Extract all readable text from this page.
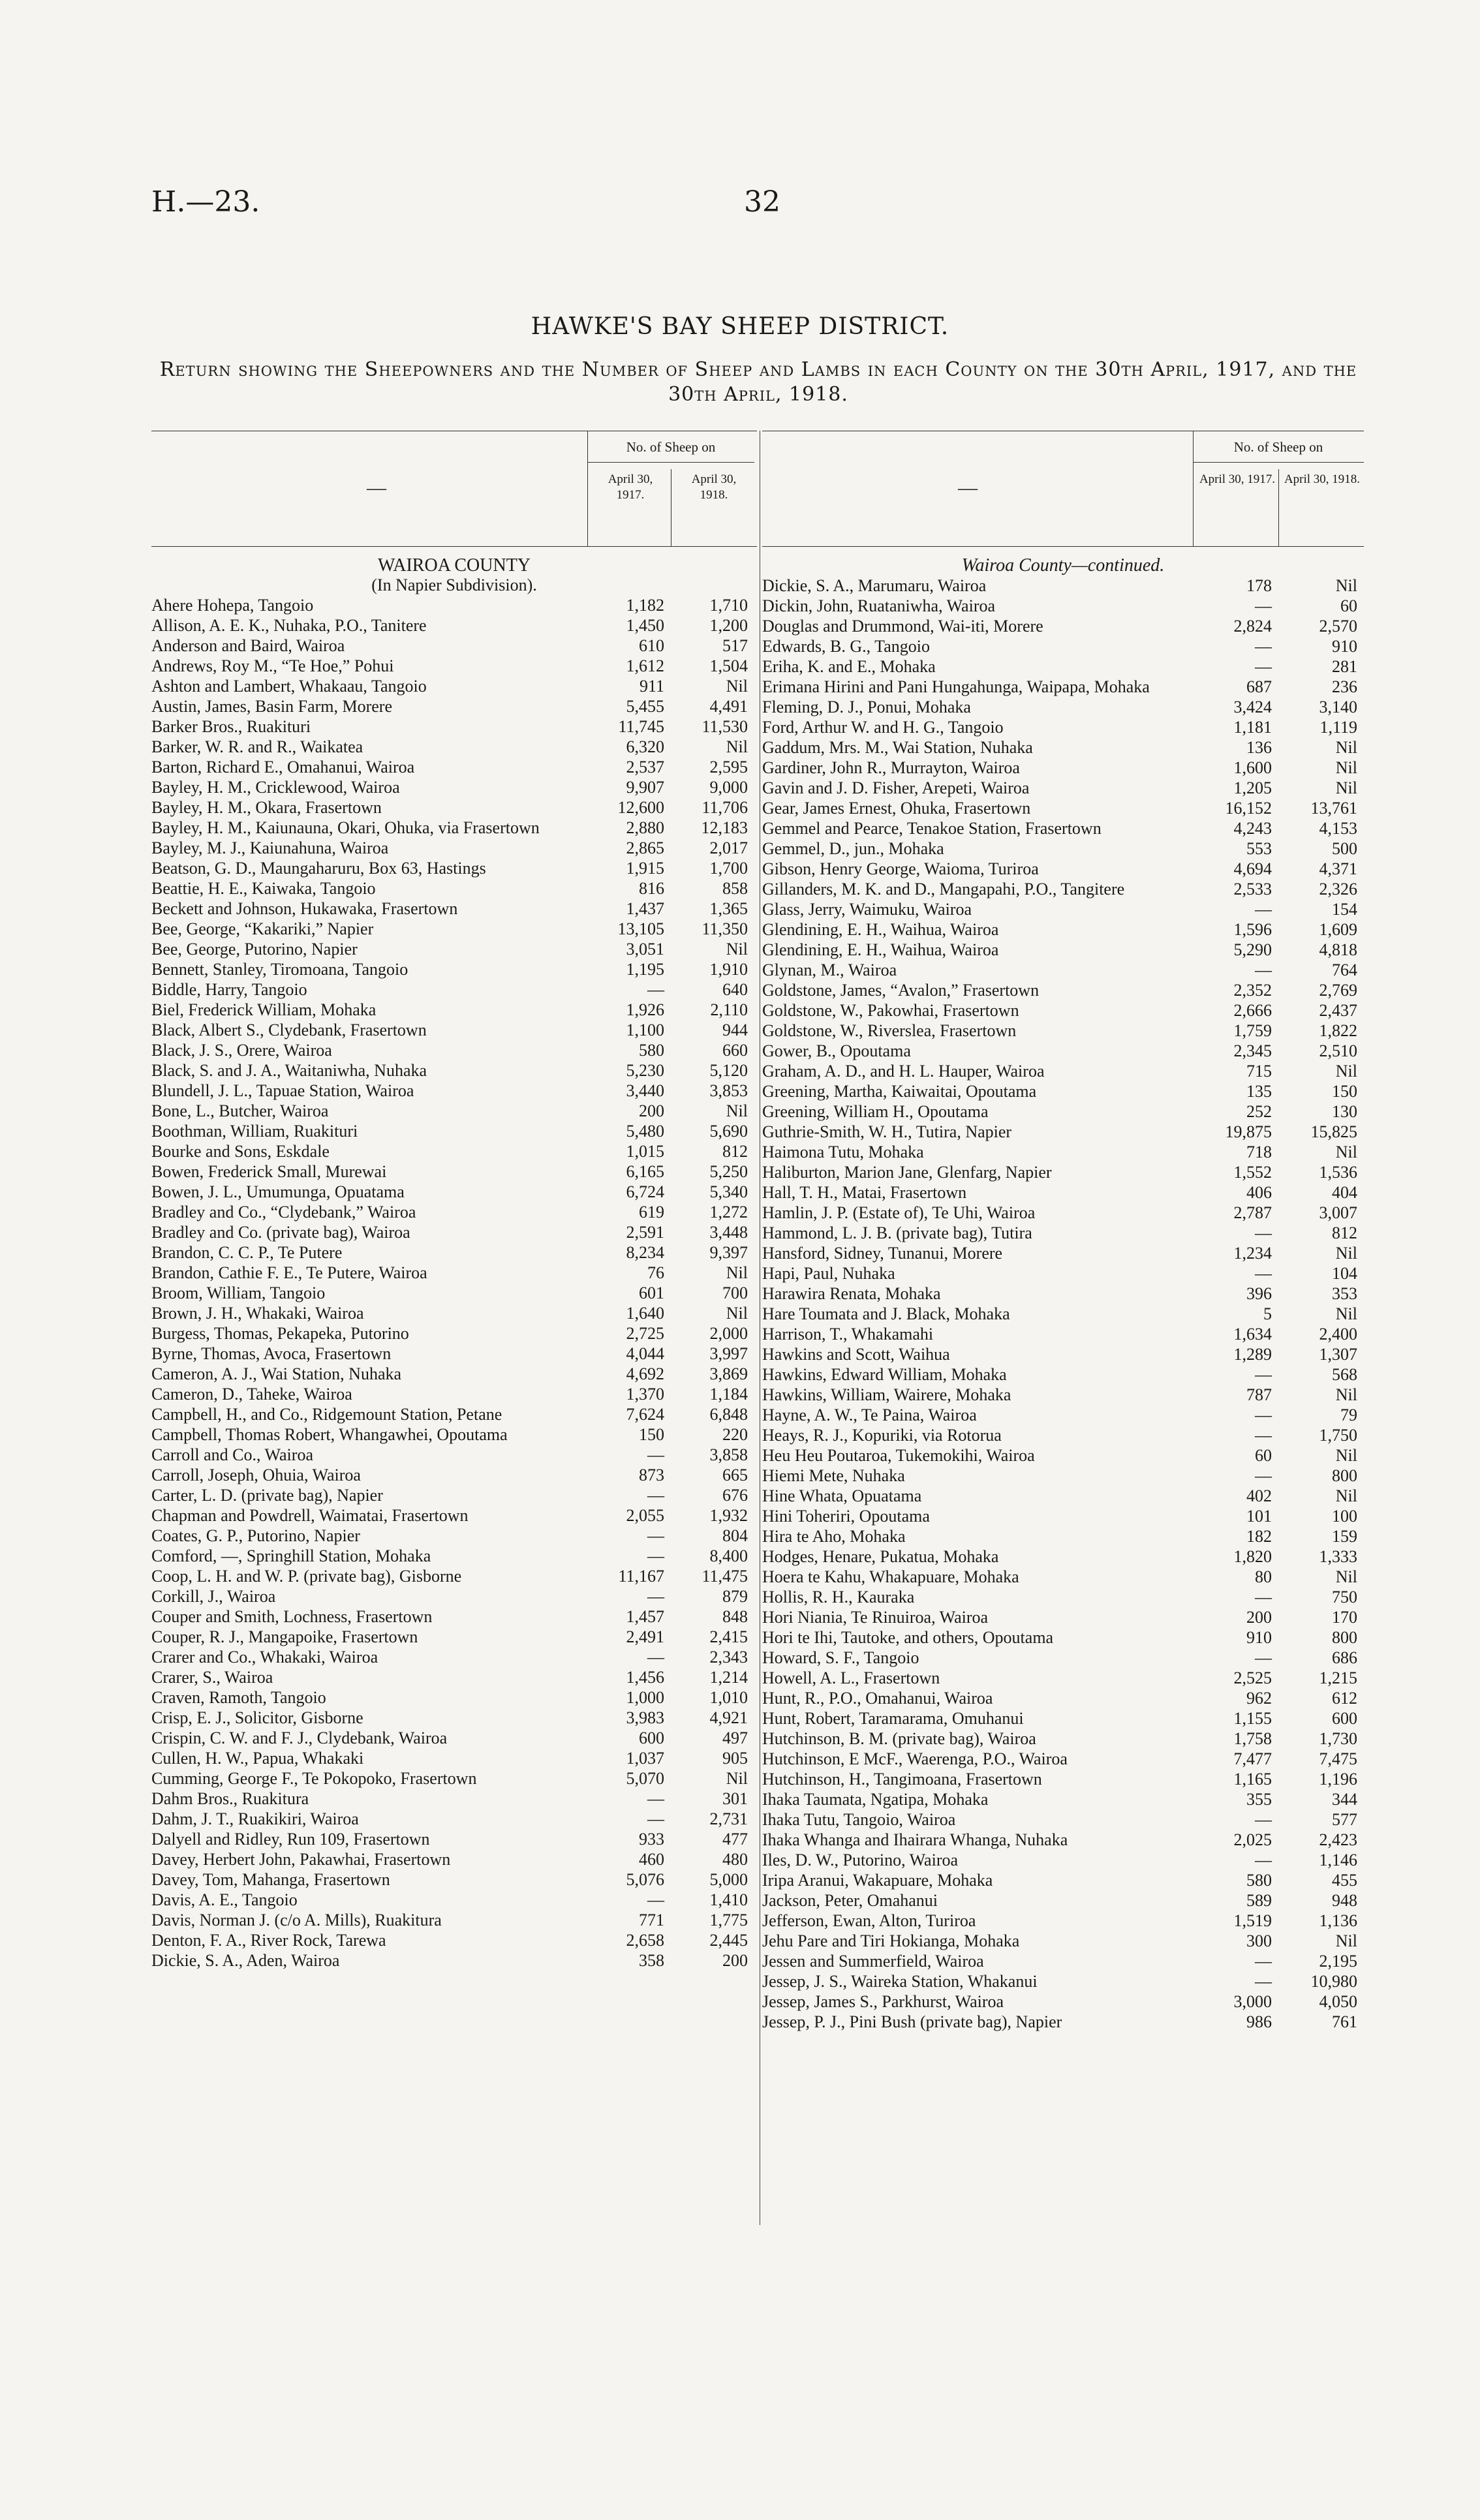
H.—23.	32
HAWKE'S BAY SHEEP DISTRICT.
Return showing the Sheepowners and the Number of Sheep and Lambs in each County on the 30th April, 1917, and the 30th April, 1918.
—
No. of Sheep on
April 30, 1917.
April 30, 1918.
WAIROA COUNTY
(In Napier Subdivision).
Ahere Hohepa, Tangoio	1,182	1,710
Allison, A. E. K., Nuhaka, P.O., Tanitere	1,450	1,200
Anderson and Baird, Wairoa	610	517
Andrews, Roy M., “Te Hoe,” Pohui	1,612	1,504
Ashton and Lambert, Whakaau, Tangoio	911	Nil
Austin, James, Basin Farm, Morere	5,455	4,491
Barker Bros., Ruakituri	11,745	11,530
Barker, W. R. and R., Waikatea	6,320	Nil
Barton, Richard E., Omahanui, Wairoa	2,537	2,595
Bayley, H. M., Cricklewood, Wairoa	9,907	9,000
Bayley, H. M., Okara, Frasertown	12,600	11,706
Bayley, H. M., Kaiunauna, Okari, Ohuka, via Frasertown	2,880	12,183
Bayley, M. J., Kaiunahuna, Wairoa	2,865	2,017
Beatson, G. D., Maungaharuru, Box 63, Hastings	1,915	1,700
Beattie, H. E., Kaiwaka, Tangoio	816	858
Beckett and Johnson, Hukawaka, Frasertown	1,437	1,365
Bee, George, “Kakariki,” Napier	13,105	11,350
Bee, George, Putorino, Napier	3,051	Nil
Bennett, Stanley, Tiromoana, Tangoio	1,195	1,910
Biddle, Harry, Tangoio	—	640
Biel, Frederick William, Mohaka	1,926	2,110
Black, Albert S., Clydebank, Frasertown	1,100	944
Black, J. S., Orere, Wairoa	580	660
Black, S. and J. A., Waitaniwha, Nuhaka	5,230	5,120
Blundell, J. L., Tapuae Station, Wairoa	3,440	3,853
Bone, L., Butcher, Wairoa	200	Nil
Boothman, William, Ruakituri	5,480	5,690
Bourke and Sons, Eskdale	1,015	812
Bowen, Frederick Small, Murewai	6,165	5,250
Bowen, J. L., Umumunga, Opuatama	6,724	5,340
Bradley and Co., “Clydebank,” Wairoa	619	1,272
Bradley and Co. (private bag), Wairoa	2,591	3,448
Brandon, C. C. P., Te Putere	8,234	9,397
Brandon, Cathie F. E., Te Putere, Wairoa	76	Nil
Broom, William, Tangoio	601	700
Brown, J. H., Whakaki, Wairoa	1,640	Nil
Burgess, Thomas, Pekapeka, Putorino	2,725	2,000
Byrne, Thomas, Avoca, Frasertown	4,044	3,997
Cameron, A. J., Wai Station, Nuhaka	4,692	3,869
Cameron, D., Taheke, Wairoa	1,370	1,184
Campbell, H., and Co., Ridgemount Station, Petane	7,624	6,848
Campbell, Thomas Robert, Whangawhei, Opoutama	150	220
Carroll and Co., Wairoa	—	3,858
Carroll, Joseph, Ohuia, Wairoa	873	665
Carter, L. D. (private bag), Napier	—	676
Chapman and Powdrell, Waimatai, Frasertown	2,055	1,932
Coates, G. P., Putorino, Napier	—	804
Comford, —, Springhill Station, Mohaka	—	8,400
Coop, L. H. and W. P. (private bag), Gisborne	11,167	11,475
Corkill, J., Wairoa	—	879
Couper and Smith, Lochness, Frasertown	1,457	848
Couper, R. J., Mangapoike, Frasertown	2,491	2,415
Crarer and Co., Whakaki, Wairoa	—	2,343
Crarer, S., Wairoa	1,456	1,214
Craven, Ramoth, Tangoio	1,000	1,010
Crisp, E. J., Solicitor, Gisborne	3,983	4,921
Crispin, C. W. and F. J., Clydebank, Wairoa	600	497
Cullen, H. W., Papua, Whakaki	1,037	905
Cumming, George F., Te Pokopoko, Frasertown	5,070	Nil
Dahm Bros., Ruakitura	—	301
Dahm, J. T., Ruakikiri, Wairoa	—	2,731
Dalyell and Ridley, Run 109, Frasertown	933	477
Davey, Herbert John, Pakawhai, Frasertown	460	480
Davey, Tom, Mahanga, Frasertown	5,076	5,000
Davis, A. E., Tangoio	—	1,410
Davis, Norman J. (c/o A. Mills), Ruakitura	771	1,775
Denton, F. A., River Rock, Tarewa	2,658	2,445
Dickie, S. A., Aden, Wairoa	358	200
—
No. of Sheep on
April 30, 1917. April 30, 1918.
Wairoa County—continued.
Dickie, S. A., Marumaru, Wairoa	178	Nil
Dickin, John, Ruataniwha, Wairoa	—	60
Douglas and Drummond, Wai-iti, Morere	2,824	2,570
Edwards, B. G., Tangoio	—	910
Eriha, K. and E., Mohaka	—	281
Erimana Hirini and Pani Hungahunga, Waipapa, Mohaka	687	236
Fleming, D. J., Ponui, Mohaka	3,424	3,140
Ford, Arthur W. and H. G., Tangoio	1,181	1,119
Gaddum, Mrs. M., Wai Station, Nuhaka	136	Nil
Gardiner, John R., Murrayton, Wairoa	1,600	Nil
Gavin and J. D. Fisher, Arepeti, Wairoa	1,205	Nil
Gear, James Ernest, Ohuka, Frasertown	16,152	13,761
Gemmel and Pearce, Tenakoe Station, Frasertown	4,243	4,153
Gemmel, D., jun., Mohaka	553	500
Gibson, Henry George, Waioma, Turiroa	4,694	4,371
Gillanders, M. K. and D., Mangapahi, P.O., Tangitere	2,533	2,326
Glass, Jerry, Waimuku, Wairoa	—	154
Glendining, E. H., Waihua, Wairoa	1,596	1,609
Glendining, E. H., Waihua, Wairoa	5,290	4,818
Glynan, M., Wairoa	—	764
Goldstone, James, “Avalon,” Frasertown	2,352	2,769
Goldstone, W., Pakowhai, Frasertown	2,666	2,437
Goldstone, W., Riverslea, Frasertown	1,759	1,822
Gower, B., Opoutama	2,345	2,510
Graham, A. D., and H. L. Hauper, Wairoa	715	Nil
Greening, Martha, Kaiwaitai, Opoutama	135	150
Greening, William H., Opoutama	252	130
Guthrie-Smith, W. H., Tutira, Napier	19,875	15,825
Haimona Tutu, Mohaka	718	Nil
Haliburton, Marion Jane, Glenfarg, Napier	1,552	1,536
Hall, T. H., Matai, Frasertown	406	404
Hamlin, J. P. (Estate of), Te Uhi, Wairoa	2,787	3,007
Hammond, L. J. B. (private bag), Tutira	—	812
Hansford, Sidney, Tunanui, Morere	1,234	Nil
Hapi, Paul, Nuhaka	—	104
Harawira Renata, Mohaka	396	353
Hare Toumata and J. Black, Mohaka	5	Nil
Harrison, T., Whakamahi	1,634	2,400
Hawkins and Scott, Waihua	1,289	1,307
Hawkins, Edward William, Mohaka	—	568
Hawkins, William, Wairere, Mohaka	787	Nil
Hayne, A. W., Te Paina, Wairoa	—	79
Heays, R. J., Kopuriki, via Rotorua	—	1,750
Heu Heu Poutaroa, Tukemokihi, Wairoa	60	Nil
Hiemi Mete, Nuhaka	—	800
Hine Whata, Opuatama	402	Nil
Hini Toheriri, Opoutama	101	100
Hira te Aho, Mohaka	182	159
Hodges, Henare, Pukatua, Mohaka	1,820	1,333
Hoera te Kahu, Whakapuare, Mohaka	80	Nil
Hollis, R. H., Kauraka	—	750
Hori Niania, Te Rinuiroa, Wairoa	200	170
Hori te Ihi, Tautoke, and others, Opoutama	910	800
Howard, S. F., Tangoio	—	686
Howell, A. L., Frasertown	2,525	1,215
Hunt, R., P.O., Omahanui, Wairoa	962	612
Hunt, Robert, Taramarama, Omuhanui	1,155	600
Hutchinson, B. M. (private bag), Wairoa	1,758	1,730
Hutchinson, E McF., Waerenga, P.O., Wairoa	7,477	7,475
Hutchinson, H., Tangimoana, Frasertown	1,165	1,196
Ihaka Taumata, Ngatipa, Mohaka	355	344
Ihaka Tutu, Tangoio, Wairoa	—	577
Ihaka Whanga and Ihairara Whanga, Nuhaka	2,025	2,423
Iles, D. W., Putorino, Wairoa	—	1,146
Iripa Aranui, Wakapuare, Mohaka	580	455
Jackson, Peter, Omahanui	589	948
Jefferson, Ewan, Alton, Turiroa	1,519	1,136
Jehu Pare and Tiri Hokianga, Mohaka	300	Nil
Jessen and Summerfield, Wairoa	—	2,195
Jessep, J. S., Waireka Station, Whakanui	—	10,980
Jessep, James S., Parkhurst, Wairoa	3,000	4,050
Jessep, P. J., Pini Bush (private bag), Napier	986	761
